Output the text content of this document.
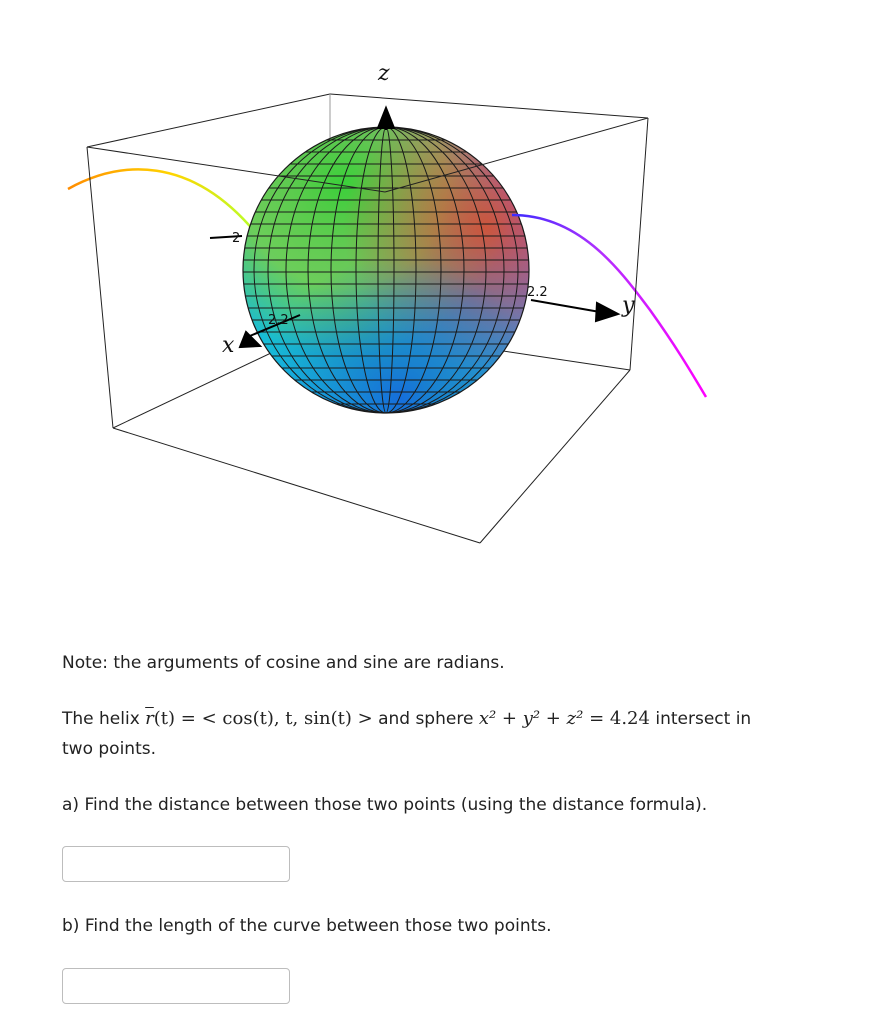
z
y
x
2.2
2.2
2
Note: the arguments of cosine and sine are radians.
The helix $\overline{r}(t)$ = < cos(t), t, sin(t) > and sphere x² + y² + z² = 4.24 intersect in
two points.
a) Find the distance between those two points (using the distance formula).
b) Find the length of the curve between those two points.
